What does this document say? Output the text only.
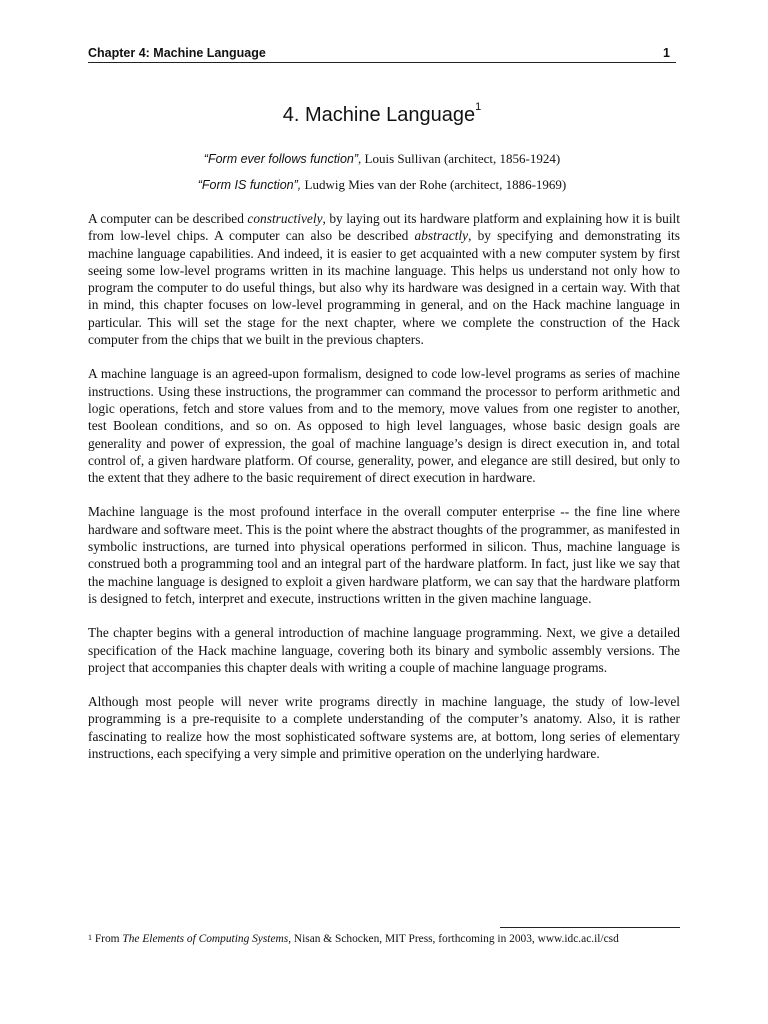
Chapter 4: Machine Language	1
4. Machine Language$^1$
“Form ever follows function”, Louis Sullivan (architect, 1856-1924)
“Form IS function”, Ludwig Mies van der Rohe (architect, 1886-1969)

A computer can be described constructively, by laying out its hardware platform and explaining how it is built from low-level chips. A computer can also be described abstractly, by specifying and demonstrating its machine language capabilities. And indeed, it is easier to get acquainted with a new computer system by first seeing some low-level programs written in its machine language. This helps us understand not only how to program the computer to do useful things, but also why its hardware was designed in a certain way. With that in mind, this chapter focuses on low-level programming in general, and on the Hack machine language in particular. This will set the stage for the next chapter, where we complete the construction of the Hack computer from the chips that we built in the previous chapters.

A machine language is an agreed-upon formalism, designed to code low-level programs as series of machine instructions. Using these instructions, the programmer can command the processor to perform arithmetic and logic operations, fetch and store values from and to the memory, move values from one register to another, test Boolean conditions, and so on. As opposed to high level languages, whose basic design goals are generality and power of expression, the goal of machine language’s design is direct execution in, and total control of, a given hardware platform. Of course, generality, power, and elegance are still desired, but only to the extent that they adhere to the basic requirement of direct execution in hardware.

Machine language is the most profound interface in the overall computer enterprise -- the fine line where hardware and software meet. This is the point where the abstract thoughts of the programmer, as manifested in symbolic instructions, are turned into physical operations performed in silicon. Thus, machine language is construed both a programming tool and an integral part of the hardware platform. In fact, just like we say that the machine language is designed to exploit a given hardware platform, we can say that the hardware platform is designed to fetch, interpret and execute, instructions written in the given machine language.

The chapter begins with a general introduction of machine language programming. Next, we give a detailed specification of the Hack machine language, covering both its binary and symbolic assembly versions. The project that accompanies this chapter deals with writing a couple of machine language programs.

Although most people will never write programs directly in machine language, the study of low-level programming is a pre-requisite to a complete understanding of the computer’s anatomy. Also, it is rather fascinating to realize how the most sophisticated software systems are, at bottom, long series of elementary instructions, each specifying a very simple and primitive operation on the underlying hardware.

$^1$ From The Elements of Computing Systems, Nisan & Schocken, MIT Press, forthcoming in 2003, www.idc.ac.il/csd
